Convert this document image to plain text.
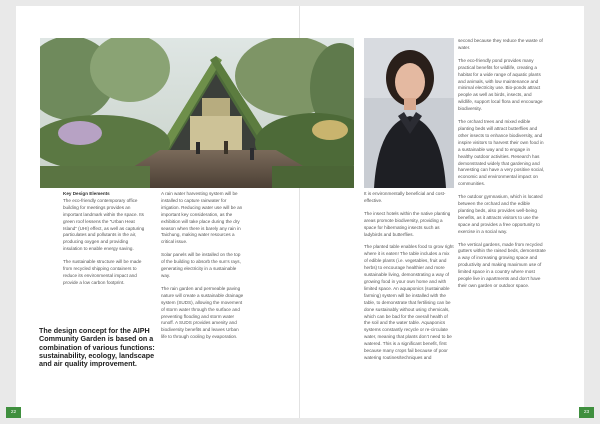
Key Design Elements

The eco-friendly contemporary office building for meetings provides an important landmark within the space. Its green roof lessens the “Urban Heat Island” (UHI) effect, as well as capturing particulates and pollutants in the air, producing oxygen and providing insulation to enable energy saving.

The sustainable structure will be made from recycled shipping containers to reduce its environmental impact and provide a low carbon footprint.

The design concept for the AIPH Community Garden is based on a combination of various functions: sustainability, ecology, landscape and air quality improvement.

A rain water harvesting system will be installed to capture rainwater for irrigation. Reducing water use will be an important key consideration, as the exhibition will take place during the dry season when there is barely any rain in Taichung, making water resources a critical issue.

Solar panels will be installed on the top of the building to absorb the sun’s rays, generating electricity in a sustainable way.

The rain garden and permeable paving nature will create a sustainable drainage system (SUDS), allowing the movement of storm water through the surface and preventing flooding and storm water runoff. A SUDS provides amenity and biodiversity benefits and leaves Urban life to through cooling by evaporation.

It is environmentally beneficial and cost-effective.

The insect hotels within the native planting areas promote biodiversity, providing a space for hibernating insects such as ladybirds and butterflies.

The planted table enables food to grow right where it is eaten! The table includes a mix of edible plants (i.e. vegetables, fruit and herbs) to encourage healthier and more sustainable living, demonstrating a way of growing food in your own home and with limited space. An aquaponics (sustainable farming) system will be installed with the table, to demonstrate that fertilising can be done sustainably without using chemicals, which can be bad for the overall health of the soil and the water table. Aquaponics systems constantly recycle or re-circulate water, meaning that plants don’t need to be watered. This is a significant benefit, first because many crops fail because of poor watering routines/techniques and

second because they reduce the waste of water.

The eco-friendly pond provides many practical benefits for wildlife, creating a habitat for a wide range of aquatic plants and animals, with low maintenance and minimal electricity use. Bio-ponds attract people as well as birds, insects, and wildlife, support local flora and encourage biodiversity.

The orchard trees and mixed edible planting beds will attract butterflies and other insects to enhance biodiversity, and inspire visitors to harvest their own food in a sustainable way and to engage in healthy outdoor activities. Research has demonstrated widely that gardening and harvesting can have a very positive social, economic and environmental impact on communities.

The outdoor gymnasium, which is located between the orchard and the edible planting beds, also provides well-being benefits, as it attracts visitors to use the space and provides a free opportunity to exercise in a social way.

The vertical gardens, made from recycled gutters within the raised beds, demonstrate a way of increasing growing space and productivity and making maximum use of limited space in a country where most people live in apartments and don’t have their own garden or outdoor space.

22	23
